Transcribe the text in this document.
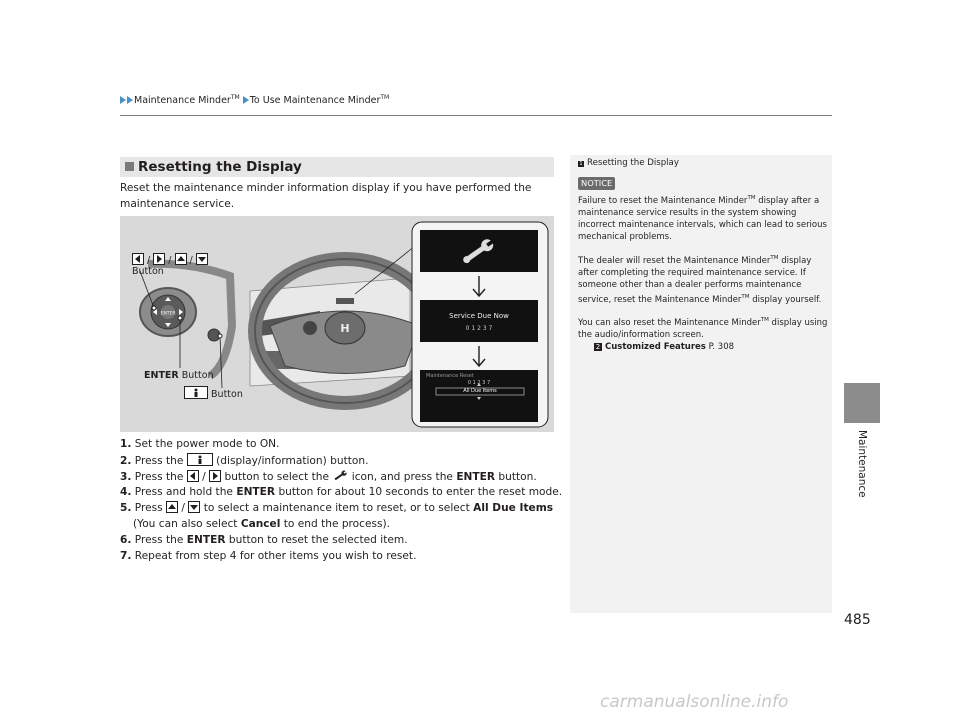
Maintenance Minder™ To Use Maintenance Minder™
Maintenance
485
Resetting the Display
Reset the maintenance minder information display if you have performed the maintenance service.
H
ENTER
/
/
/
Button
ENTER Button
Button
Service Due Now
0 1 2 3 7
Maintenance Reset
0 1 2 3 7
All Due Items
1. Set the power mode to ON.
2. Press the	(display/information) button.
3. Press the
/
button to select the icon, and press the ENTER button.
4. Press and hold the ENTER button for about 10 seconds to enter the reset mode.
5. Press
/
to select a maintenance item to reset, or to select All Due Items
(You can also select Cancel to end the process).
6. Press the ENTER button to reset the selected item.
7. Repeat from step 4 for other items you wish to reset.
1 Resetting the Display
NOTICE

Failure to reset the Maintenance Minder™ display after a maintenance service results in the system showing incorrect maintenance intervals, which can lead to serious mechanical problems.

The dealer will reset the Maintenance Minder™ display after completing the required maintenance service. If someone other than a dealer performs maintenance service, reset the Maintenance Minder™ display yourself.

You can also reset the Maintenance Minder™ display using the audio/information screen.

2 Customized Features P. 308
carmanualsonline.info
